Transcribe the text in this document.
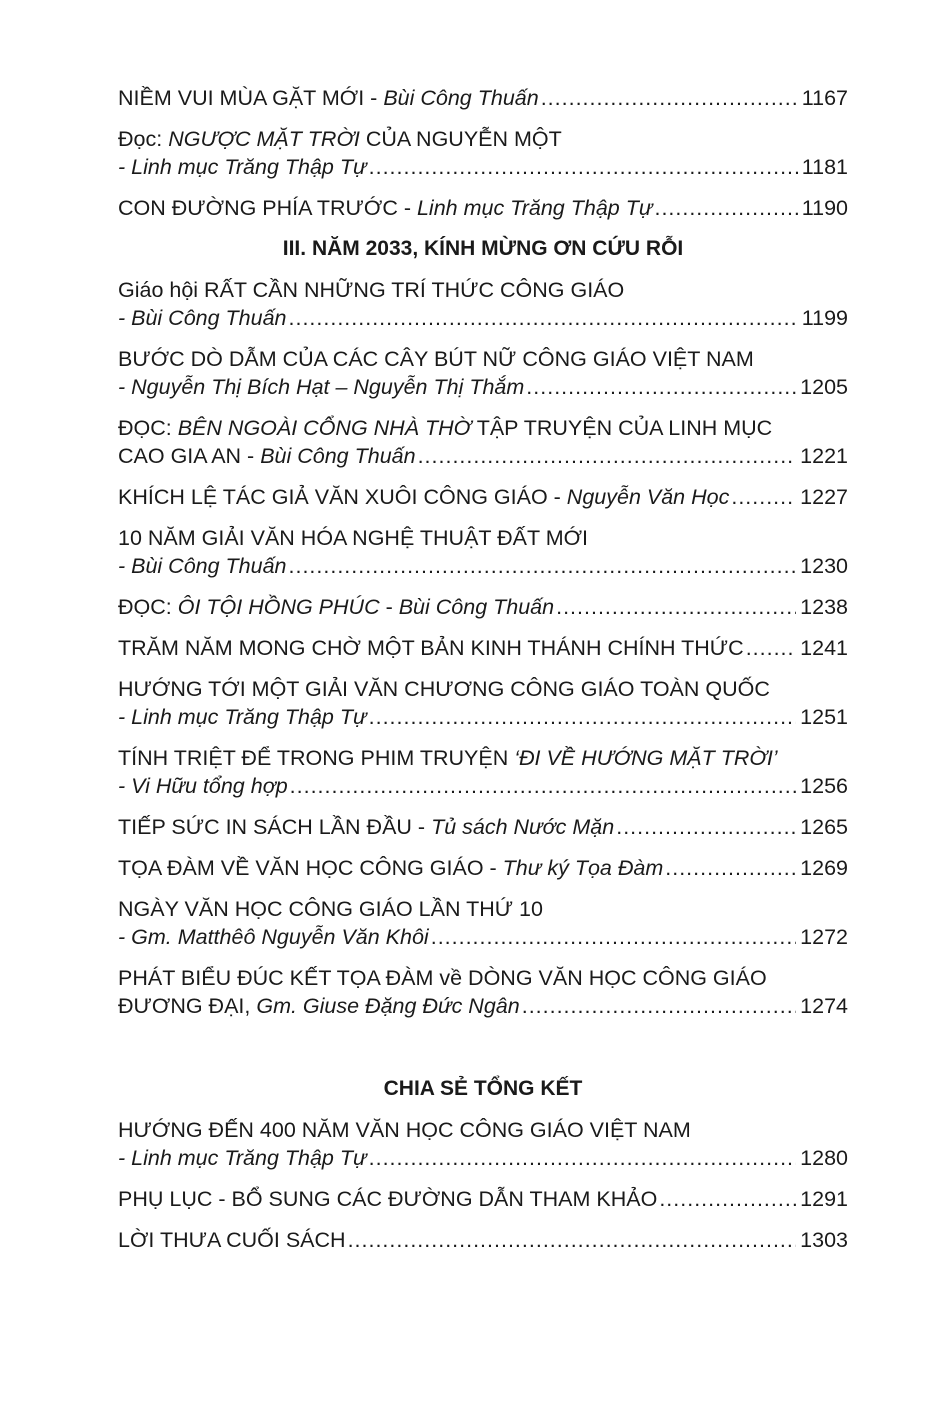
NIỀM VUI MÙA GẶT MỚI - Bùi Công Thuấn .....	1167
Đọc: NGƯỢC MẶT TRỜI CỦA NGUYỄN MỘT
- Linh mục Trăng Thập Tự .....	1181
CON ĐƯỜNG PHÍA TRƯỚC - Linh mục Trăng Thập Tự .....	1190
III. NĂM 2033, KÍNH MỪNG ƠN CỨU RỖI
Giáo hội RẤT CẦN NHỮNG TRÍ THỨC CÔNG GIÁO
- Bùi Công Thuấn .....	1199
BƯỚC DÒ DẪM CỦA CÁC CÂY BÚT NỮ CÔNG GIÁO VIỆT NAM
- Nguyễn Thị Bích Hạt – Nguyễn Thị Thắm .....	1205
ĐỌC: BÊN NGOÀI CỔNG NHÀ THỜ TẬP TRUYỆN CỦA LINH MỤC
CAO GIA AN - Bùi Công Thuấn .....	1221
KHÍCH LỆ TÁC GIẢ VĂN XUÔI CÔNG GIÁO - Nguyễn Văn Học .....	1227
10 NĂM GIẢI VĂN HÓA NGHỆ THUẬT ĐẤT MỚI
- Bùi Công Thuấn .....	1230
ĐỌC: ÔI TỘI HỒNG PHÚC - Bùi Công Thuấn .....	1238
TRĂM NĂM MONG CHỜ MỘT BẢN KINH THÁNH CHÍNH THỨC .....	1241
HƯỚNG TỚI MỘT GIẢI VĂN CHƯƠNG CÔNG GIÁO TOÀN QUỐC
- Linh mục Trăng Thập Tự .....	1251
TÍNH TRIỆT ĐỂ TRONG PHIM TRUYỆN ‘ĐI VỀ HƯỚNG MẶT TRỜI’
- Vi Hữu tổng hợp .....	1256
TIẾP SỨC IN SÁCH LẦN ĐẦU - Tủ sách Nước Mặn .....	1265
TỌA ĐÀM VỀ VĂN HỌC CÔNG GIÁO - Thư ký Tọa Đàm .....	1269
NGÀY VĂN HỌC CÔNG GIÁO LẦN THỨ 10
- Gm. Matthêô Nguyễn Văn Khôi .....	1272
PHÁT BIỂU ĐÚC KẾT TỌA ĐÀM về DÒNG VĂN HỌC CÔNG GIÁO
ĐƯƠNG ĐẠI, Gm. Giuse Đặng Đức Ngân .....	1274
CHIA SẺ TỔNG KẾT
HƯỚNG ĐẾN 400 NĂM VĂN HỌC CÔNG GIÁO VIỆT NAM
- Linh mục Trăng Thập Tự .....	1280
PHỤ LỤC - BỔ SUNG CÁC ĐƯỜNG DẪN THAM KHẢO .....	1291
LỜI THƯA CUỐI SÁCH .....	1303
